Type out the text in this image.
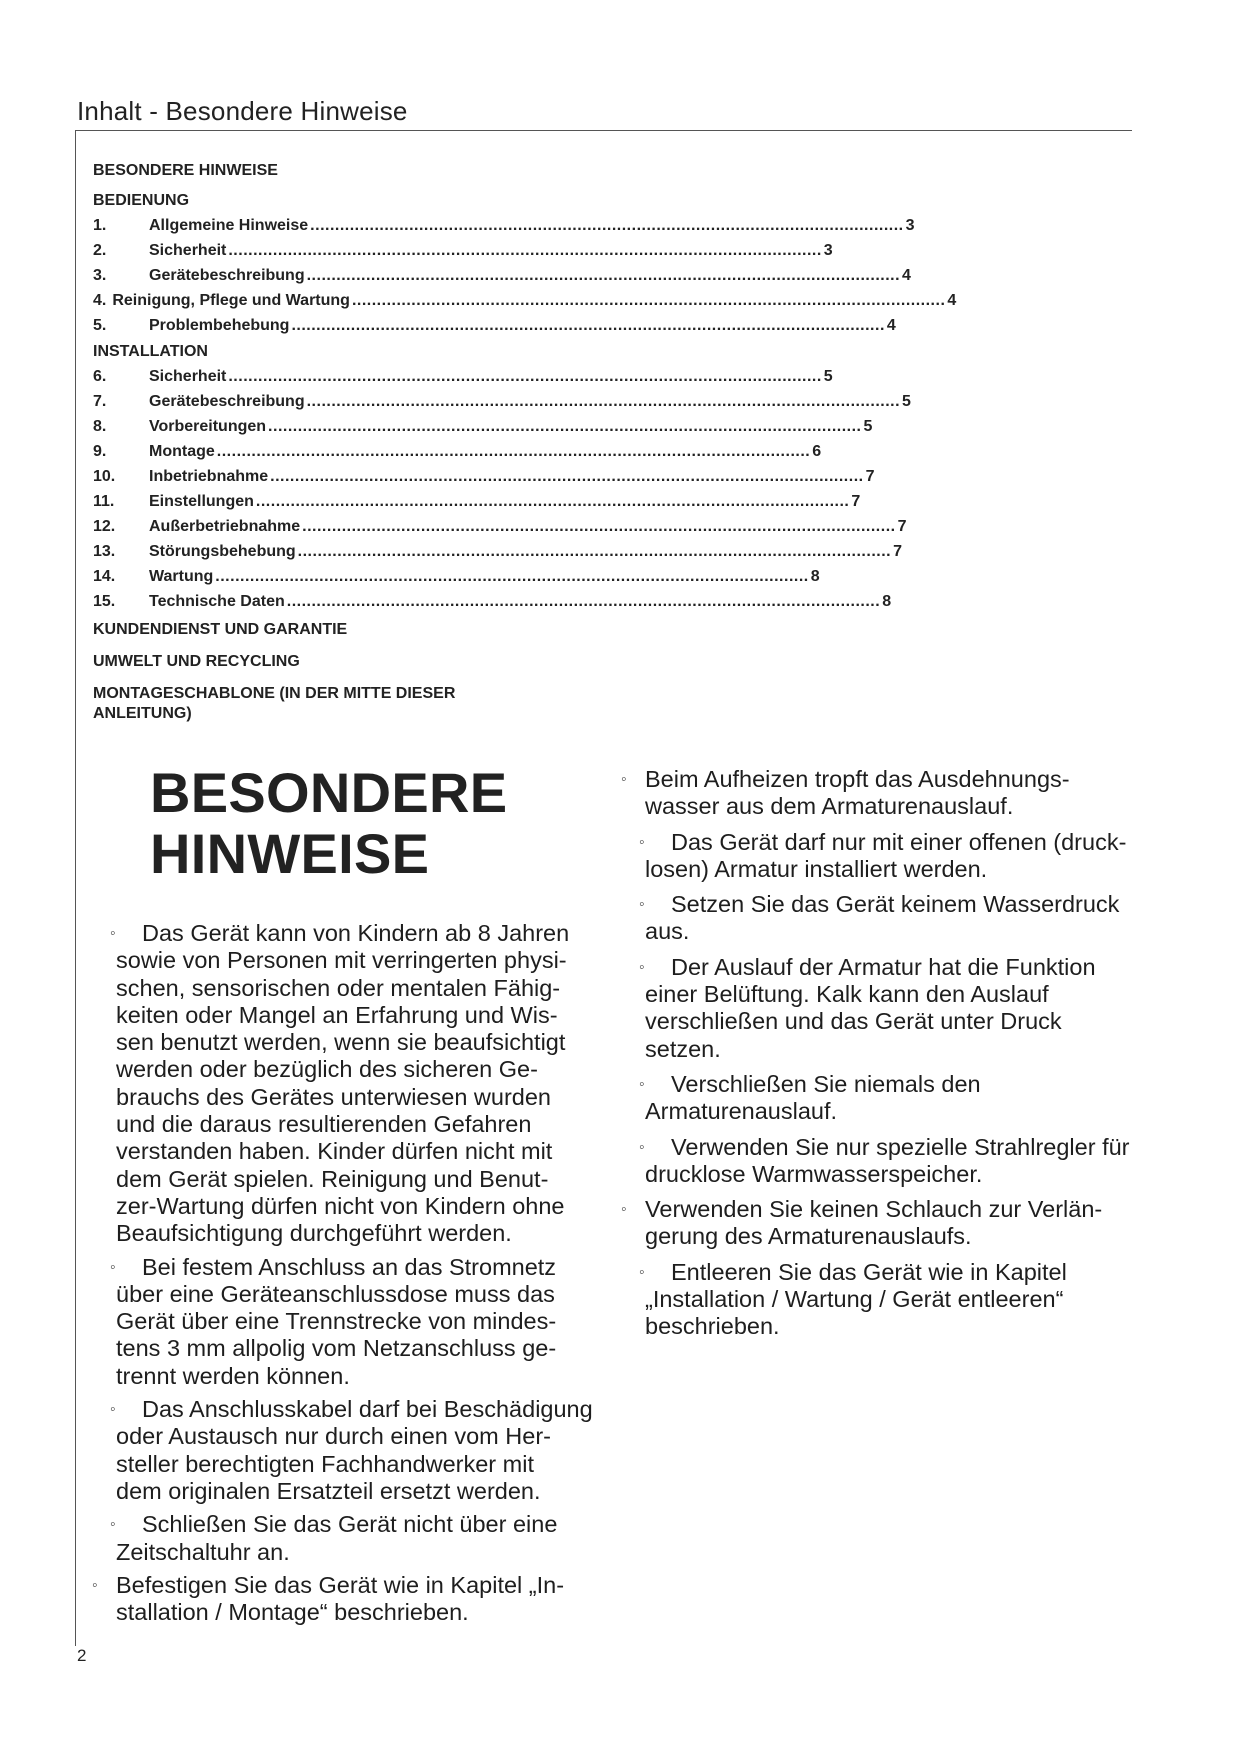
Inhalt - Besondere Hinweise
BESONDERE HINWEISE
BEDIENUNG
1.	Allgemeine Hinweise ........................................................................................................................ 3
2.	Sicherheit ........................................................................................................................ 3
3.	Gerätebeschreibung ........................................................................................................................ 4
4. Reinigung, Pflege und Wartung ........................................................................................................................ 4
5.	Problembehebung ........................................................................................................................ 4
INSTALLATION
6.	Sicherheit ........................................................................................................................ 5
7.	Gerätebeschreibung ........................................................................................................................ 5
8.	Vorbereitungen ........................................................................................................................ 5
9.	Montage ........................................................................................................................ 6
10.	Inbetriebnahme ........................................................................................................................ 7
11.	Einstellungen ........................................................................................................................ 7
12.	Außerbetriebnahme ........................................................................................................................ 7
13.	Störungsbehebung ........................................................................................................................ 7
14.	Wartung ........................................................................................................................ 8
15.	Technische Daten ........................................................................................................................ 8
KUNDENDIENST UND GARANTIE
UMWELT UND RECYCLING
MONTAGESCHABLONE (IN DER MITTE DIESER
ANLEITUNG)
BESONDERE
HINWEISE
◦	Das Gerät kann von Kindern ab 8 Jahren
sowie von Personen mit verringerten physi-
schen, sensorischen oder mentalen Fähig-
keiten oder Mangel an Erfahrung und Wis-
sen benutzt werden, wenn sie beaufsichtigt
werden oder bezüglich des sicheren Ge-
brauchs des Gerätes unterwiesen wurden
und die daraus resultierenden Gefahren
verstanden haben. Kinder dürfen nicht mit
dem Gerät spielen. Reinigung und Benut-
zer-Wartung dürfen nicht von Kindern ohne
Beaufsichtigung durchgeführt werden.
◦	Bei festem Anschluss an das Stromnetz
über eine Geräteanschlussdose muss das
Gerät über eine Trennstrecke von mindes-
tens 3 mm allpolig vom Netzanschluss ge-
trennt werden können.
◦	Das Anschlusskabel darf bei Beschädigung
oder Austausch nur durch einen vom Her-
steller berechtigten Fachhandwerker mit
dem originalen Ersatzteil ersetzt werden.
◦	Schließen Sie das Gerät nicht über eine
Zeitschaltuhr an.
◦ Befestigen Sie das Gerät wie in Kapitel „In-
stallation / Montage“ beschrieben.
◦ Beim Aufheizen tropft das Ausdehnungs-
wasser aus dem Armaturenauslauf.
◦	Das Gerät darf nur mit einer offenen (druck-
losen) Armatur installiert werden.
◦	Setzen Sie das Gerät keinem Wasserdruck
aus.
◦	Der Auslauf der Armatur hat die Funktion
einer Belüftung. Kalk kann den Auslauf
verschließen und das Gerät unter Druck
setzen.
◦	Verschließen Sie niemals den
Armaturenauslauf.
◦	Verwenden Sie nur spezielle Strahlregler für
drucklose Warmwasserspeicher.
◦ Verwenden Sie keinen Schlauch zur Verlän-
gerung des Armaturenauslaufs.
◦	Entleeren Sie das Gerät wie in Kapitel
„Installation / Wartung / Gerät entleeren“
beschrieben.
2
